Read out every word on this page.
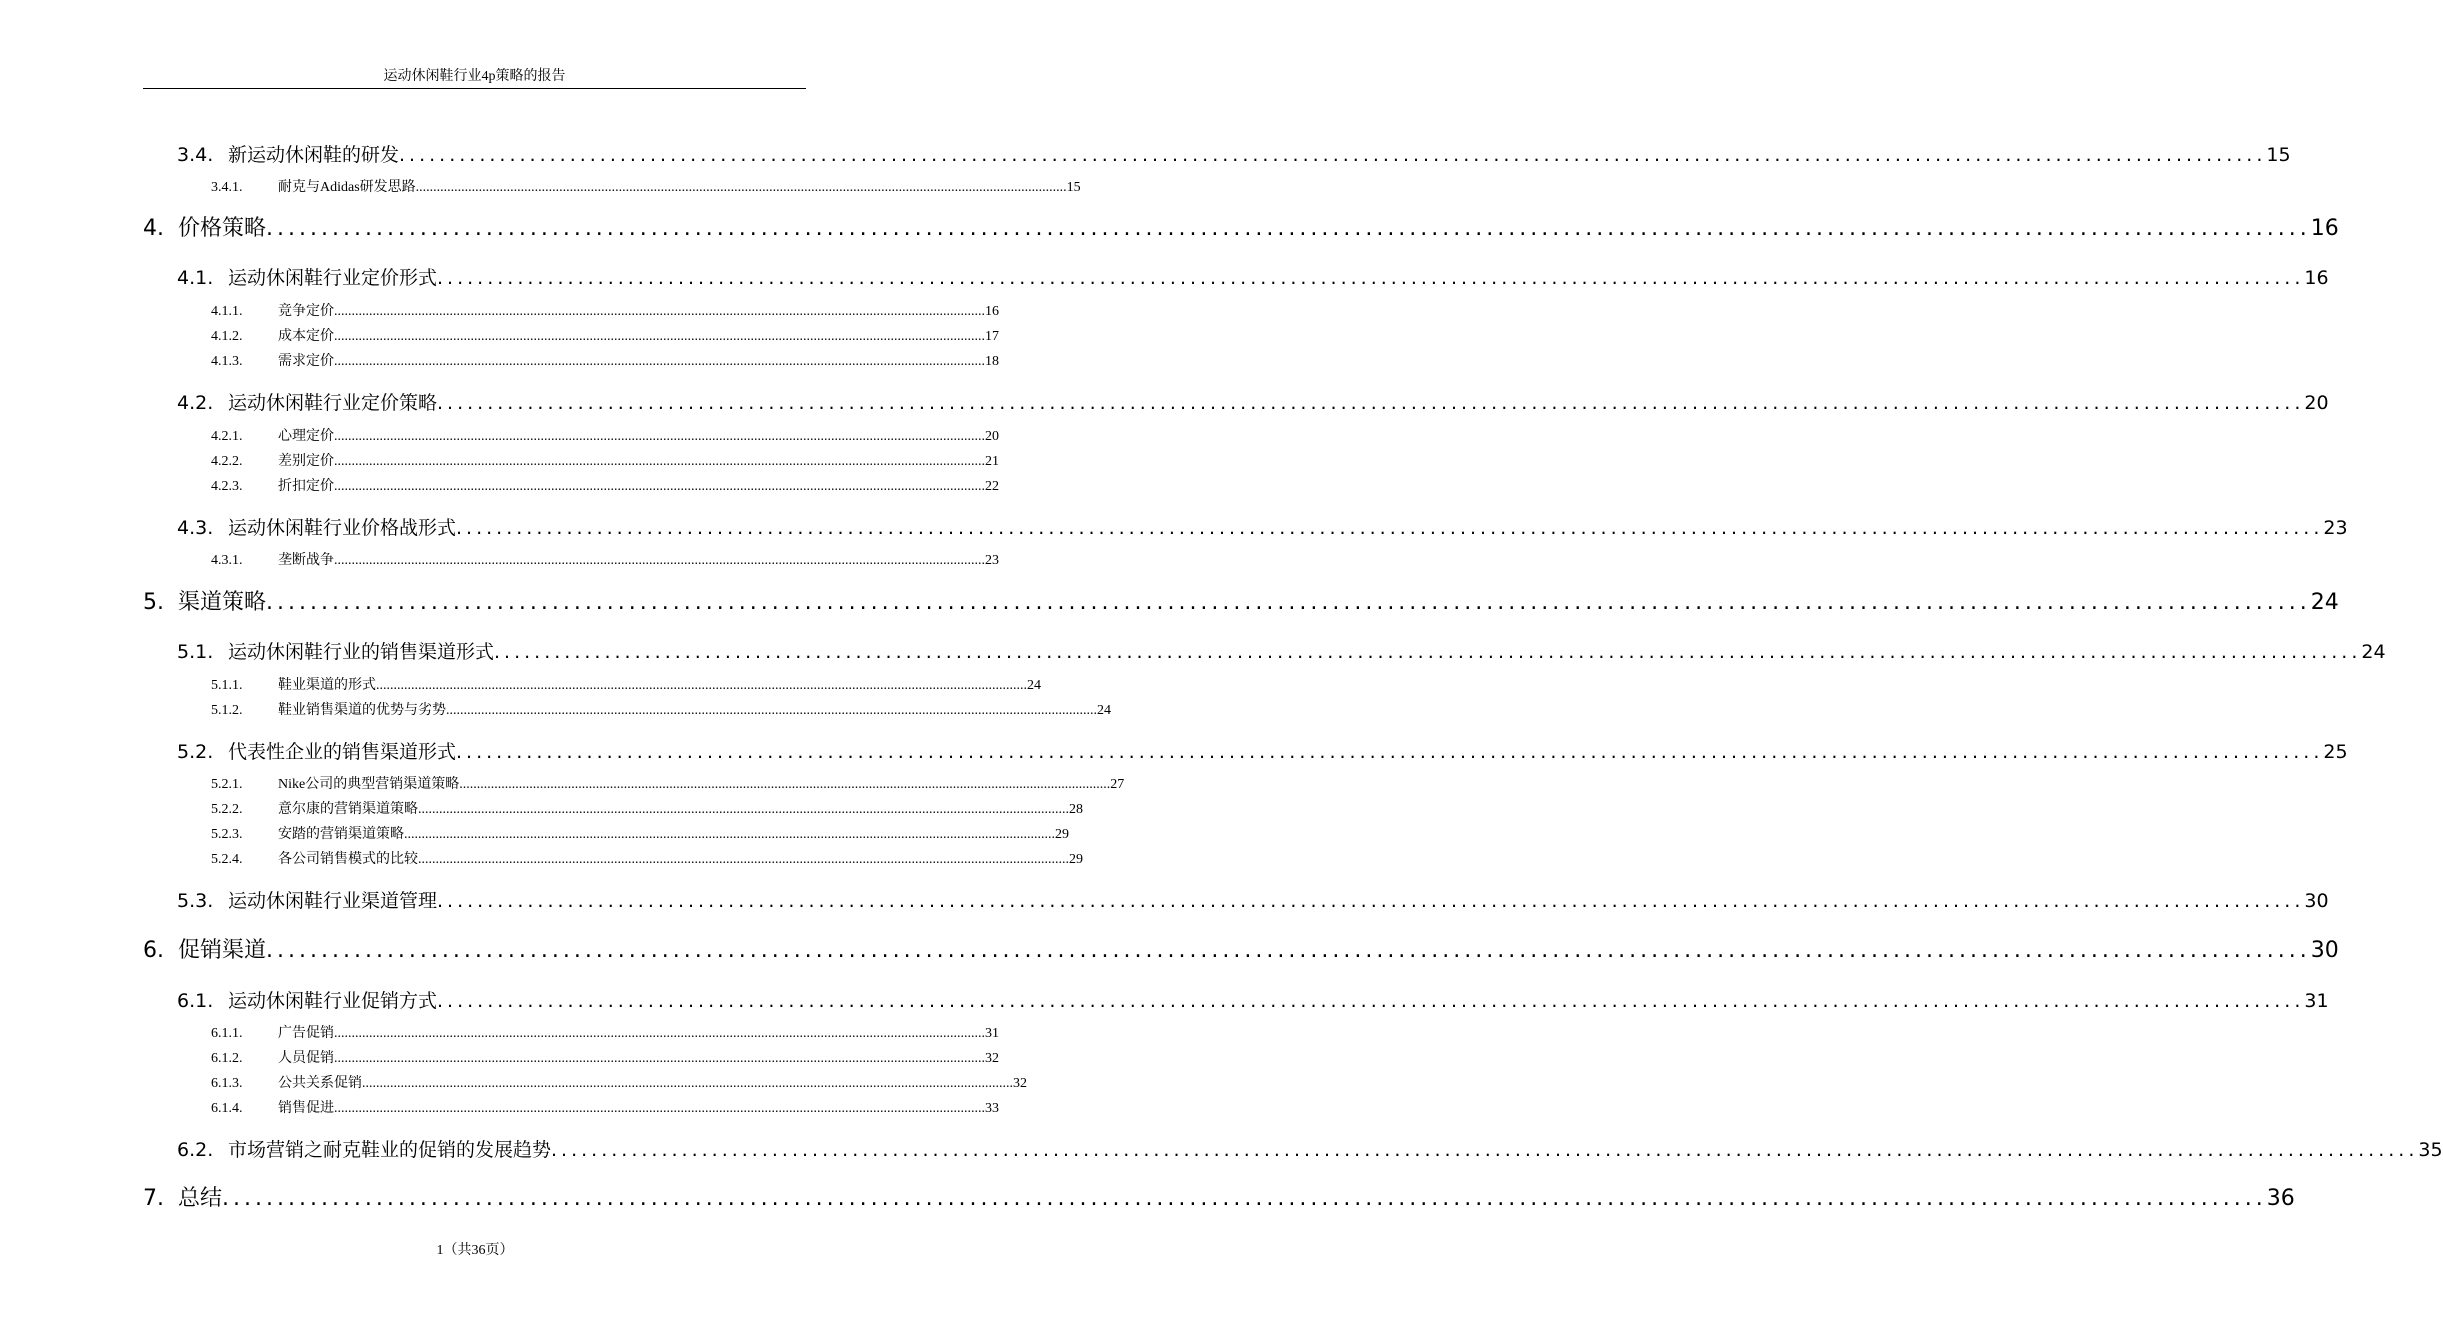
运动休闲鞋行业4p策略的报告
3.4. 新运动休闲鞋的研发 .......................................................................................................................................................................................... 15
3.4.1.	耐克与Adidas研发思路 .......................................................................................................................................................................................... 15
4. 价格策略 .......................................................................................................................................................................................... 16
4.1. 运动休闲鞋行业定价形式 .......................................................................................................................................................................................... 16
4.1.1.	竞争定价 .......................................................................................................................................................................................... 16
4.1.2.	成本定价 .......................................................................................................................................................................................... 17
4.1.3.	需求定价 .......................................................................................................................................................................................... 18
4.2. 运动休闲鞋行业定价策略 .......................................................................................................................................................................................... 20
4.2.1.	心理定价 .......................................................................................................................................................................................... 20
4.2.2.	差别定价 .......................................................................................................................................................................................... 21
4.2.3.	折扣定价 .......................................................................................................................................................................................... 22
4.3. 运动休闲鞋行业价格战形式 .......................................................................................................................................................................................... 23
4.3.1.	垄断战争 .......................................................................................................................................................................................... 23
5. 渠道策略 .......................................................................................................................................................................................... 24
5.1. 运动休闲鞋行业的销售渠道形式 .......................................................................................................................................................................................... 24
5.1.1.	鞋业渠道的形式 .......................................................................................................................................................................................... 24
5.1.2.	鞋业销售渠道的优势与劣势 .......................................................................................................................................................................................... 24
5.2. 代表性企业的销售渠道形式 .......................................................................................................................................................................................... 25
5.2.1.	Nike公司的典型营销渠道策略 .......................................................................................................................................................................................... 27
5.2.2.	意尔康的营销渠道策略 .......................................................................................................................................................................................... 28
5.2.3.	安踏的营销渠道策略 .......................................................................................................................................................................................... 29
5.2.4.	各公司销售模式的比较 .......................................................................................................................................................................................... 29
5.3. 运动休闲鞋行业渠道管理 .......................................................................................................................................................................................... 30
6. 促销渠道 .......................................................................................................................................................................................... 30
6.1. 运动休闲鞋行业促销方式 .......................................................................................................................................................................................... 31
6.1.1.	广告促销 .......................................................................................................................................................................................... 31
6.1.2.	人员促销 .......................................................................................................................................................................................... 32
6.1.3.	公共关系促销 .......................................................................................................................................................................................... 32
6.1.4.	销售促进 .......................................................................................................................................................................................... 33
6.2. 市场营销之耐克鞋业的促销的发展趋势 .......................................................................................................................................................................................... 35
7. 总结 .......................................................................................................................................................................................... 36
1（共36页）
